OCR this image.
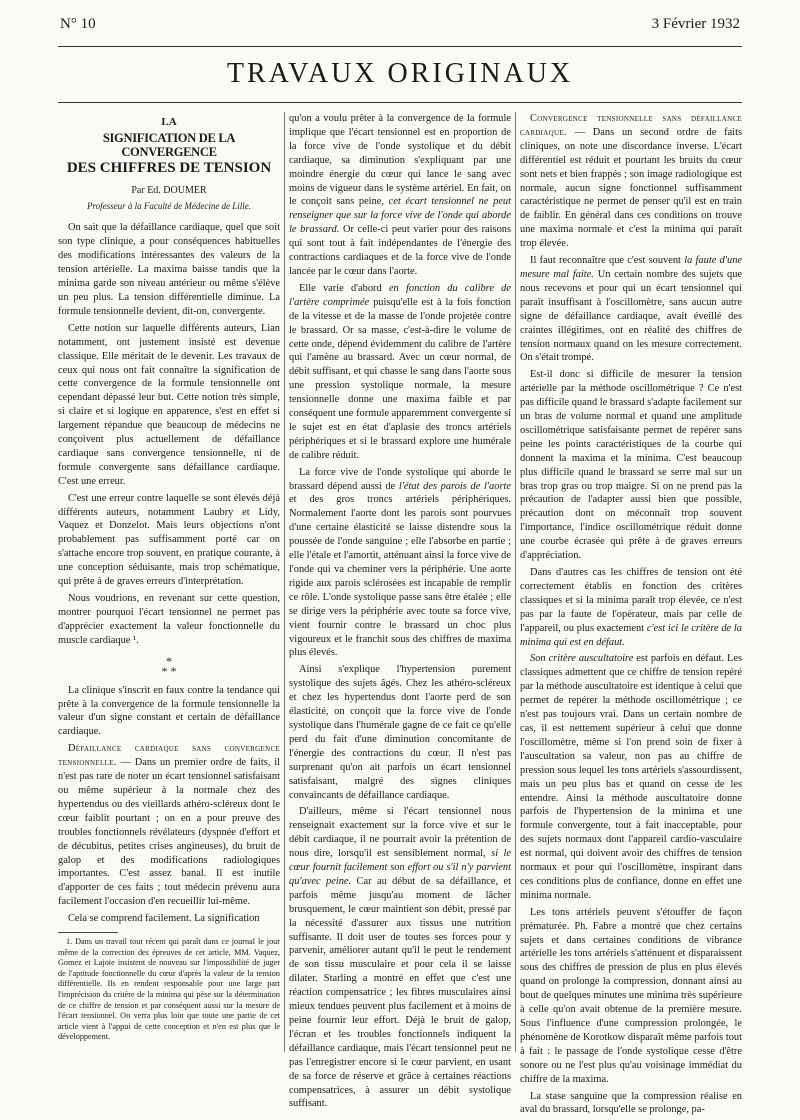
N° 10	3 Février 1932
TRAVAUX ORIGINAUX
LA
SIGNIFICATION DE LA CONVERGENCE
DES CHIFFRES DE TENSION
Par Ed. DOUMER
Professeur à la Faculté de Médecine de Lille.

On sait que la défaillance cardiaque, quel que soit son type clinique, a pour conséquences habituelles des modifications intéressantes des valeurs de la tension artérielle. La maxima baisse tandis que la minima garde son niveau antérieur ou même s'élève un peu plus. La tension différentielle diminue. La formule tensionnelle devient, dit-on, convergente.

Cette notion sur laquelle différents auteurs, Lian notamment, ont justement insisté est devenue classique. Elle méritait de le devenir. Les travaux de ceux qui nous ont fait connaître la signification de cette convergence de la formule tensionnelle ont cependant dépassé leur but. Cette notion très simple, si claire et si logique en apparence, s'est en effet si largement répandue que beaucoup de médecins ne conçoivent plus actuellement de défaillance cardiaque sans convergence tensionnelle, ni de formule convergente sans défaillance cardiaque. C'est une erreur.

C'est une erreur contre laquelle se sont élevés déjà différents auteurs, notamment Laubry et Lidy, Vaquez et Donzelot. Mais leurs objections n'ont probablement pas suffisamment porté car on s'attache encore trop souvent, en pratique courante, à une conception séduisante, mais trop schématique, qui prête à de graves erreurs d'interprétation.

Nous voudrions, en revenant sur cette question, montrer pourquoi l'écart tensionnel ne permet pas d'apprécier exactement la valeur fonctionnelle du muscle cardiaque ¹.

*
* *

La clinique s'inscrit en faux contre la tendance qui prête à la convergence de la formule tensionnelle la valeur d'un signe constant et certain de défaillance cardiaque.

Défaillance cardiaque sans convergence tensionnelle. — Dans un premier ordre de faits, il n'est pas rare de noter un écart tensionnel satisfaisant ou même supérieur à la normale chez des hypertendus ou des vieillards athéro-scléreux dont le cœur faiblit pourtant ; on en a pour preuve des troubles fonctionnels révélateurs (dyspnée d'effort et de décubitus, petites crises angineuses), du bruit de galop et des modifications radiologiques importantes. C'est assez banal. Il est inutile d'apporter de ces faits ; tout médecin prévenu aura facilement l'occasion d'en recueillir lui-même.

Cela se comprend facilement. La signification

1. Dans un travail tout récent qui paraît dans ce journal le jour même de la correction des épreuves de cet article, MM. Vaquez, Gomez et Lajoie insistent de nouveau sur l'impossibilité de juger de l'aptitude fonctionnelle du cœur d'après la valeur de la tension différentielle. Ils en rendent responsable pour une large part l'imprécision du critère de la minima qui pèse sur la détermination de ce chiffre de tension et par conséquent aussi sur la mesure de l'écart tensionnel. On verra plus loin que toute une partie de cet article vient à l'appui de cette conception et n'en est plus que le développement.

qu'on a voulu prêter à la convergence de la formule implique que l'écart tensionnel est en proportion de la force vive de l'onde systolique et du débit cardiaque, sa diminution s'expliquant par une moindre énergie du cœur qui lance le sang avec moins de vigueur dans le système artériel. En fait, on le conçoit sans peine, cet écart tensionnel ne peut renseigner que sur la force vive de l'onde qui aborde le brassard. Or celle-ci peut varier pour des raisons qui sont tout à fait indépendantes de l'énergie des contractions cardiaques et de la force vive de l'onde lancée par le cœur dans l'aorte.

Elle varie d'abord en fonction du calibre de l'artère comprimée puisqu'elle est à la fois fonction de la vitesse et de la masse de l'onde projetée contre le brassard. Or sa masse, c'est-à-dire le volume de cette onde, dépend évidemment du calibre de l'artère qui l'amène au brassard. Avec un cœur normal, de débit suffisant, et qui chasse le sang dans l'aorte sous une pression systolique normale, la mesure tensionnelle donne une maxima faible et par conséquent une formule apparemment convergente si le sujet est en état d'aplasie des troncs artériels périphériques et si le brassard explore une humérale de calibre réduit.

La force vive de l'onde systolique qui aborde le brassard dépend aussi de l'état des parois de l'aorte et des gros troncs artériels périphériques. Normalement l'aorte dont les parois sont pourvues d'une certaine élasticité se laisse distendre sous la poussée de l'onde sanguine ; elle l'absorbe en partie ; elle l'étale et l'amortit, atténuant ainsi la force vive de l'onde qui va cheminer vers la périphérie. Une aorte rigide aux parois sclérosées est incapable de remplir ce rôle. L'onde systolique passe sans être étalée ; elle se dirige vers la périphérie avec toute sa force vive, vient fournir contre le brassard un choc plus vigoureux et le franchit sous des chiffres de maxima plus élevés.

Ainsi s'explique l'hypertension purement systolique des sujets âgés. Chez les athéro-scléreux et chez les hypertendus dont l'aorte perd de son élasticité, on conçoit que la force vive de l'onde systolique dans l'humérale gagne de ce fait ce qu'elle perd du fait d'une diminution concomitante de l'énergie des contractions du cœur. Il n'est pas surprenant qu'on ait parfois un écart tensionnel satisfaisant, malgré des signes cliniques convaincants de défaillance cardiaque.

D'ailleurs, même si l'écart tensionnel nous renseignait exactement sur la force vive et sur le débit cardiaque, il ne pourrait avoir la prétention de nous dire, lorsqu'il est sensiblement normal, si le cœur fournit facilement son effort ou s'il n'y parvient qu'avec peine. Car au début de sa défaillance, et parfois même jusqu'au moment de lâcher brusquement, le cœur maintient son débit, pressé par la nécessité d'assurer aux tissus une nutrition suffisante. Il doit user de toutes ses forces pour y parvenir, améliorer autant qu'il le peut le rendement de son tissu musculaire et pour cela il se laisse dilater. Starling a montré en effet que c'est une réaction compensatrice ; les fibres musculaires ainsi mieux tendues peuvent plus facilement et à moins de peine fournir leur effort. Déjà le bruit de galop, l'écran et les troubles fonctionnels indiquent la défaillance cardiaque, mais l'écart tensionnel peut ne pas l'enregistrer encore si le cœur parvient, en usant de sa force de réserve et grâce à certaines réactions compensatrices, à assurer un débit systolique suffisant.

Convergence tensionnelle sans défaillance cardiaque. — Dans un second ordre de faits cliniques, on note une discordance inverse. L'écart différentiel est réduit et pourtant les bruits du cœur sont nets et bien frappés ; son image radiologique est normale, aucun signe fonctionnel suffisamment caractéristique ne permet de penser qu'il est en train de faiblir. En général dans ces conditions on trouve une maxima normale et c'est la minima qui paraît trop élevée.

Il faut reconnaître que c'est souvent la faute d'une mesure mal faite. Un certain nombre des sujets que nous recevons et pour qui un écart tensionnel qui paraît insuffisant à l'oscillomètre, sans aucun autre signe de défaillance cardiaque, avait éveillé des craintes illégitimes, ont en réalité des chiffres de tension normaux quand on les mesure correctement. On s'était trompé.

Est-il donc si difficile de mesurer la tension artérielle par la méthode oscillométrique ? Ce n'est pas difficile quand le brassard s'adapte facilement sur un bras de volume normal et quand une amplitude oscillométrique satisfaisante permet de repérer sans peine les points caractéristiques de la courbe qui donnent la maxima et la minima. C'est beaucoup plus difficile quand le brassard se serre mal sur un bras trop gras ou trop maigre. Si on ne prend pas la précaution de l'adapter aussi bien que possible, précaution dont on méconnaît trop souvent l'importance, l'indice oscillométrique réduit donne une courbe écrasée qui prête à de graves erreurs d'appréciation.

Dans d'autres cas les chiffres de tension ont été correctement établis en fonction des critères classiques et si la minima paraît trop élevée, ce n'est pas par la faute de l'opérateur, mais par celle de l'appareil, ou plus exactement c'est ici le critère de la minima qui est en défaut.

Son critère auscultatoire est parfois en défaut. Les classiques admettent que ce chiffre de tension repéré par la méthode auscultatoire est identique à celui que permet de repérer la méthode oscillométrique ; ce n'est pas toujours vrai. Dans un certain nombre de cas, il est nettement supérieur à celui que donne l'oscillomètre, même si l'on prend soin de fixer à l'auscultation sa valeur, non pas au chiffre de pression sous lequel les tons artériels s'assourdissent, mais un peu plus bas et quand on cesse de les entendre. Ainsi la méthode auscultatoire donne parfois de l'hypertension de la minima et une formule convergente, tout à fait inacceptable, pour des sujets normaux dont l'appareil cardio-vasculaire est normal, qui doivent avoir des chiffres de tension normaux et pour qui l'oscillomètre, inspirant dans ces conditions plus de confiance, donne en effet une minima normale.

Les tons artériels peuvent s'étouffer de façon prématurée. Ph. Fabre a montré que chez certains sujets et dans certaines conditions de vibrance artérielle les tons artériels s'atténuent et disparaissent sous des chiffres de pression de plus en plus élevés quand on prolonge la compression, donnant ainsi au bout de quelques minutes une minima très supérieure à celle qu'on avait obtenue de la première mesure. Sous l'influence d'une compression prolongée, le phénomène de Korotkow disparaît même parfois tout à fait : le passage de l'onde systolique cesse d'être sonore ou ne l'est plus qu'au voisinage immédiat du chiffre de la maxima.

La stase sanguine que la compression réalise en aval du brassard, lorsqu'elle se prolonge, pa-
